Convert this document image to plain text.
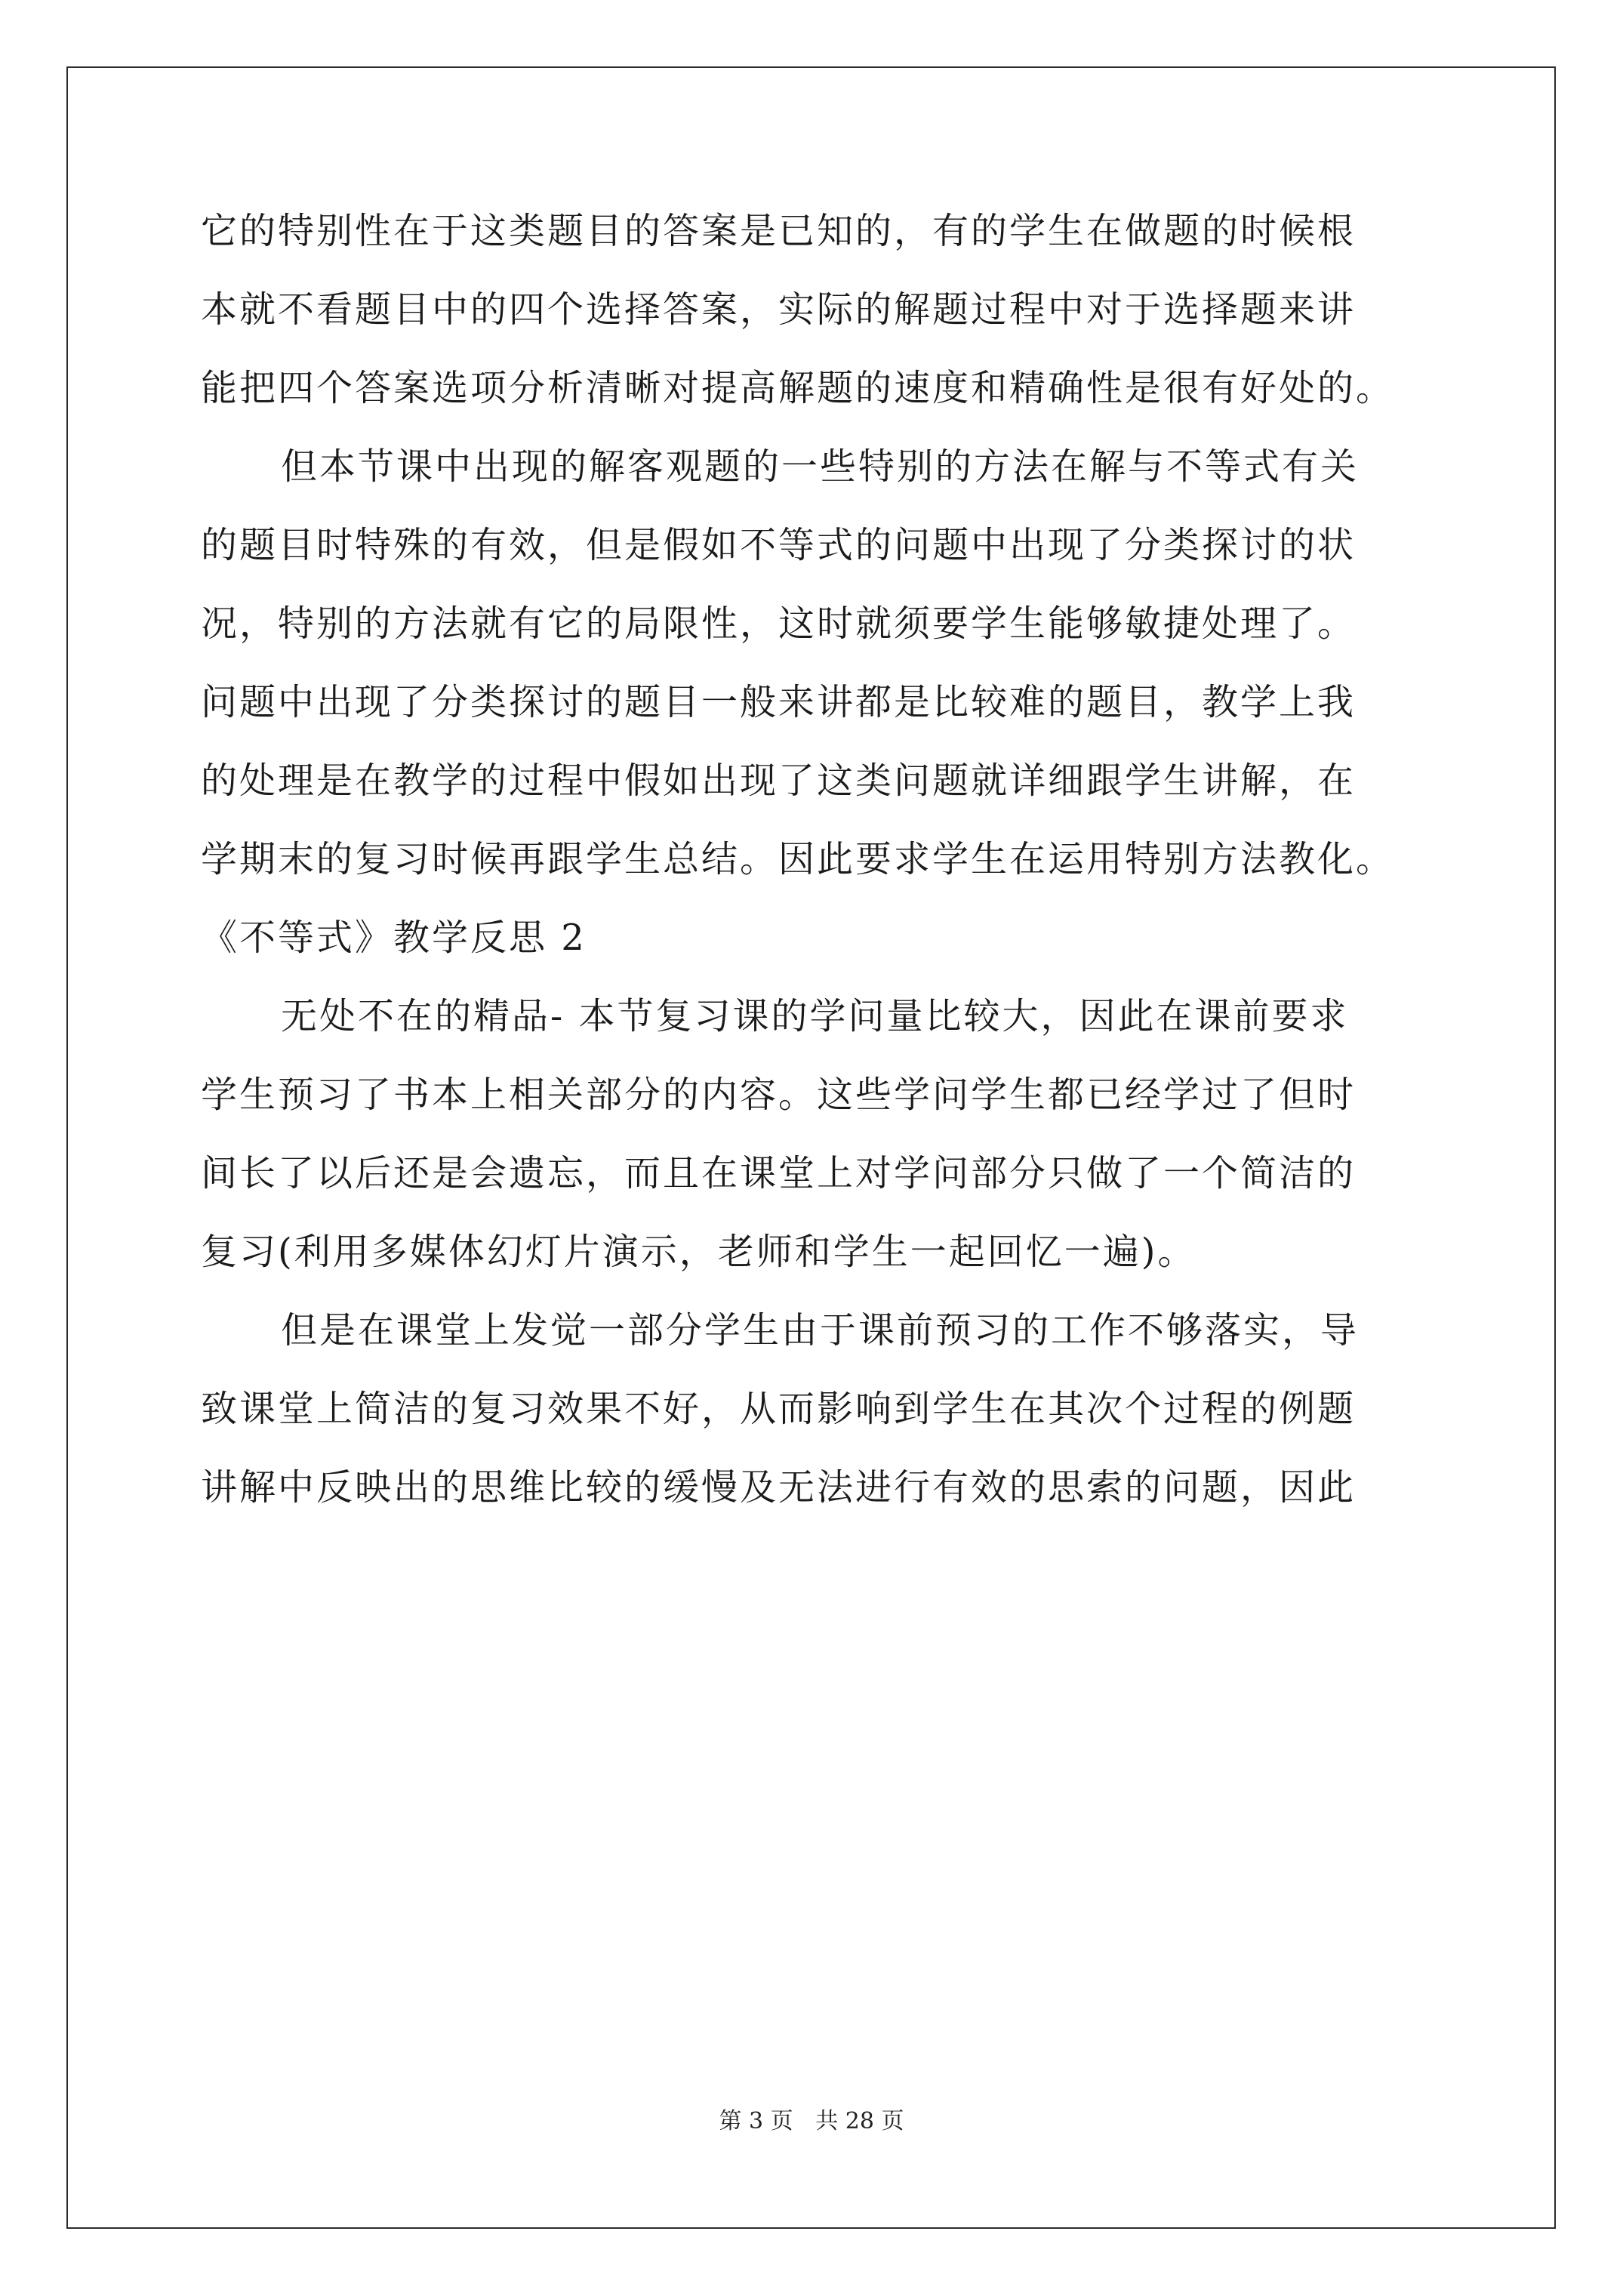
它的特别性在于这类题目的答案是已知的，有的学生在做题的时候根
本就不看题目中的四个选择答案，实际的解题过程中对于选择题来讲
能把四个答案选项分析清晰对提高解题的速度和精确性是很有好处的。
但本节课中出现的解客观题的一些特别的方法在解与不等式有关
的题目时特殊的有效，但是假如不等式的问题中出现了分类探讨的状
况，特别的方法就有它的局限性，这时就须要学生能够敏捷处理了。
问题中出现了分类探讨的题目一般来讲都是比较难的题目，教学上我
的处理是在教学的过程中假如出现了这类问题就详细跟学生讲解，在
学期末的复习时候再跟学生总结。因此要求学生在运用特别方法教化。
《不等式》教学反思 2
无处不在的精品- 本节复习课的学问量比较大，因此在课前要求
学生预习了书本上相关部分的内容。这些学问学生都已经学过了但时
间长了以后还是会遗忘，而且在课堂上对学问部分只做了一个简洁的
复习(利用多媒体幻灯片演示，老师和学生一起回忆一遍)。
但是在课堂上发觉一部分学生由于课前预习的工作不够落实，导
致课堂上简洁的复习效果不好，从而影响到学生在其次个过程的例题
讲解中反映出的思维比较的缓慢及无法进行有效的思索的问题，因此
第 3 页 共 28 页
